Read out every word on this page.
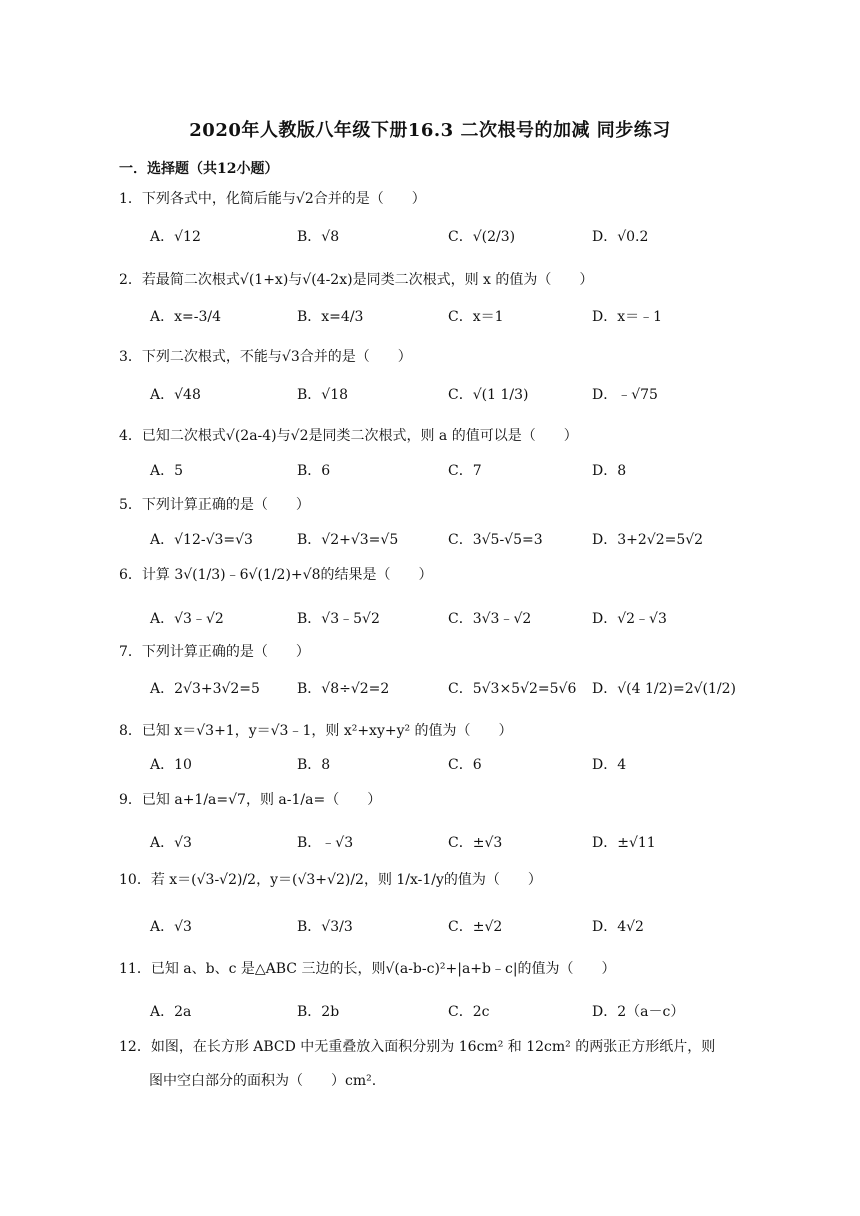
2020年人教版八年级下册16.3 二次根号的加减 同步练习
一．选择题（共12小题）
1．下列各式中，化简后能与√2合并的是（　　）
A．√12	B．√8	C．√(2/3)	D．√0.2
2．若最简二次根式√(1+x)与√(4-2x)是同类二次根式，则 x 的值为（　　）
A．x=-3/4	B．x=4/3	C．x＝1	D．x＝﹣1
3．下列二次根式，不能与√3合并的是（　　）
A．√48	B．√18	C．√(1 1/3)	D．﹣√75
4．已知二次根式√(2a-4)与√2是同类二次根式，则 a 的值可以是（　　）
A．5	B．6	C．7	D．8
5．下列计算正确的是（　　）
A．√12-√3=√3	B．√2+√3=√5	C．3√5-√5=3	D．3+2√2=5√2
6．计算 3√(1/3)﹣6√(1/2)+√8的结果是（　　）
A．√3﹣√2	B．√3﹣5√2	C．3√3﹣√2	D．√2﹣√3
7．下列计算正确的是（　　）
A．2√3+3√2=5	B．√8÷√2=2	C．5√3×5√2=5√6 D．√(4 1/2)=2√(1/2)
8．已知 x＝√3+1，y＝√3﹣1，则 x²+xy+y² 的值为（　　）
A．10	B．8	C．6	D．4
9．已知 a+1/a=√7，则 a-1/a=（　　）
A．√3	B．﹣√3	C．±√3	D．±√11
10．若 x＝(√3-√2)/2，y＝(√3+√2)/2，则 1/x-1/y的值为（　　）
A．√3	B．√3/3	C．±√2	D．4√2
11．已知 a、b、c 是△ABC 三边的长，则√(a-b-c)²+|a+b﹣c|的值为（　　）
A．2a	B．2b	C．2c	D．2（a－c）
12．如图，在长方形 ABCD 中无重叠放入面积分别为 16cm² 和 12cm² 的两张正方形纸片，则
图中空白部分的面积为（　　）cm².
